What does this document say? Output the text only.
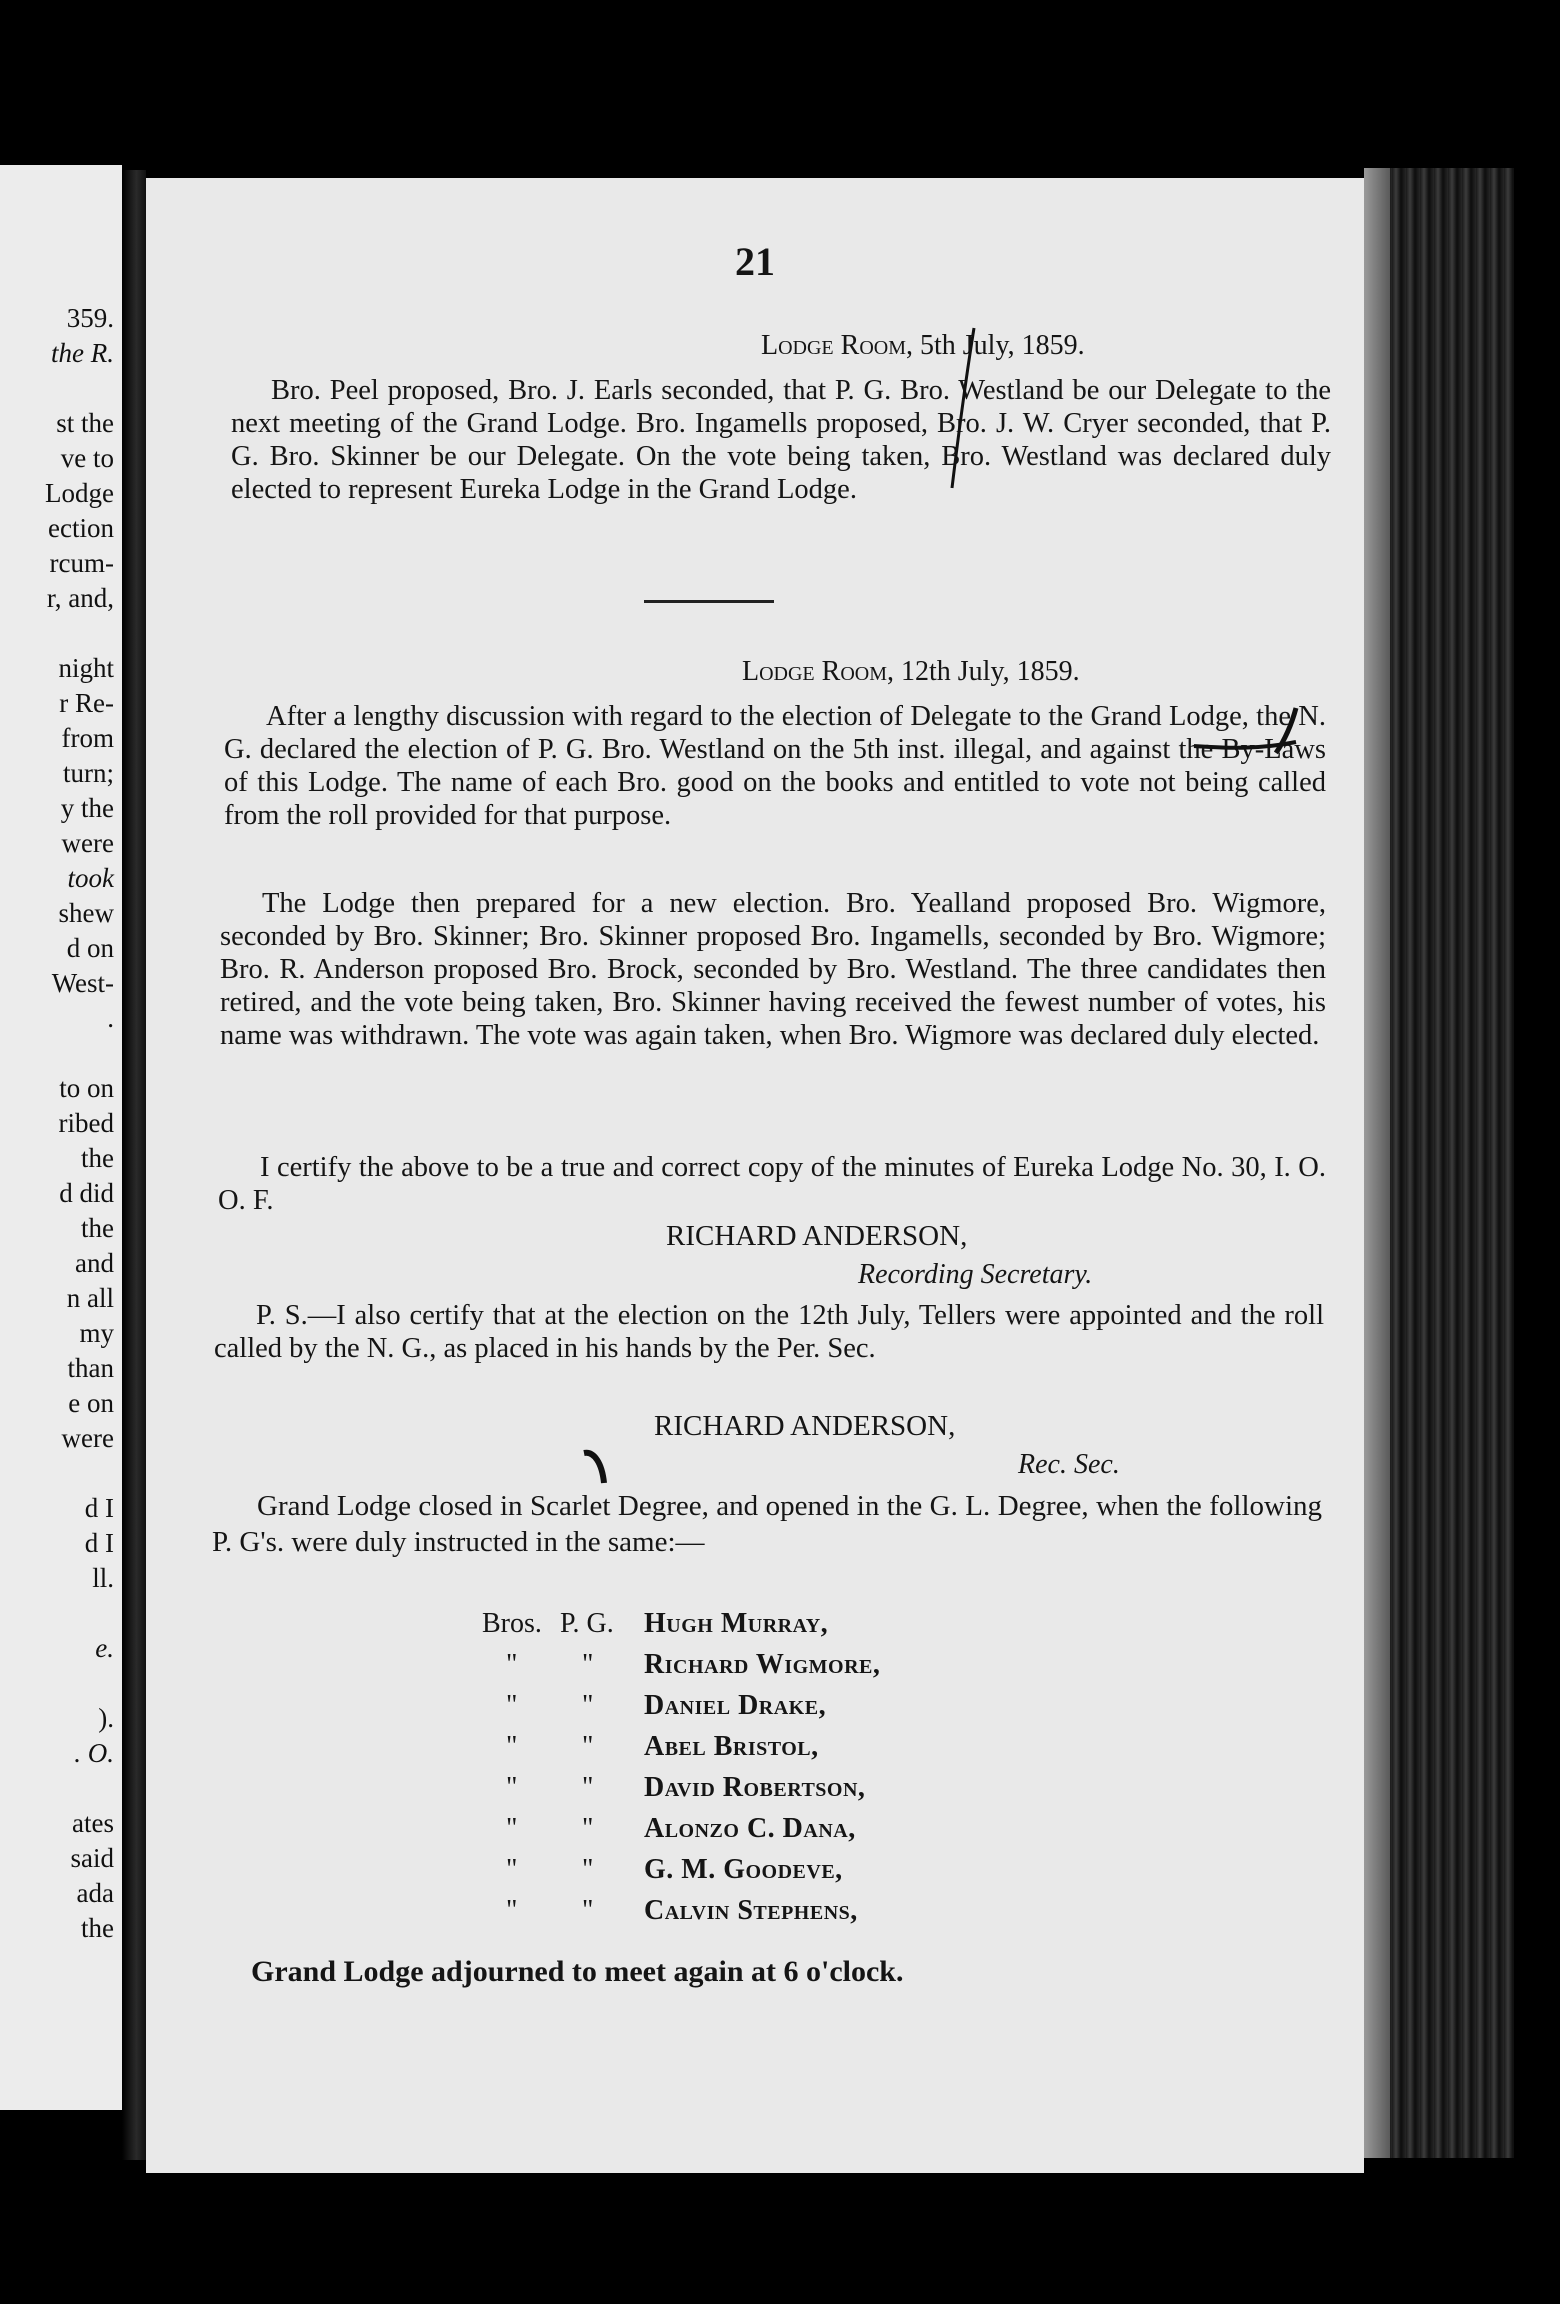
359.
the R.
st the
ve to
Lodge
ection
rcum-
r, and,
night
r Re-
from
turn;
y the
were
took
shew
d on
West-
.
to on
ribed
the
d did
the
and
n all
my
than
e on
were
d I
d I
ll.
e.
).
. O.
ates
said
ada
the
21
Lodge Room, 5th July, 1859.
Bro. Peel proposed, Bro. J. Earls seconded, that P. G. Bro. Westland be our Delegate to the next meeting of the Grand Lodge. Bro. Ingamells proposed, Bro. J. W. Cryer seconded, that P. G. Bro. Skinner be our Delegate. On the vote being taken, Bro. Westland was declared duly elected to represent Eureka Lodge in the Grand Lodge.
Lodge Room, 12th July, 1859.
After a lengthy discussion with regard to the election of Delegate to the Grand Lodge, the N. G. declared the election of P. G. Bro. Westland on the 5th inst. illegal, and against the By-Laws of this Lodge. The name of each Bro. good on the books and entitled to vote not being called from the roll provided for that purpose.
The Lodge then prepared for a new election. Bro. Yealland proposed Bro. Wigmore, seconded by Bro. Skinner; Bro. Skinner proposed Bro. Ingamells, seconded by Bro. Wigmore; Bro. R. Anderson proposed Bro. Brock, seconded by Bro. Westland. The three candidates then retired, and the vote being taken, Bro. Skinner having received the fewest number of votes, his name was withdrawn. The vote was again taken, when Bro. Wigmore was declared duly elected.
I certify the above to be a true and correct copy of the minutes of Eureka Lodge No. 30, I. O. O. F.
RICHARD ANDERSON,
Recording Secretary.
P. S.—I also certify that at the election on the 12th July, Tellers were appointed and the roll called by the N. G., as placed in his hands by the Per. Sec.
RICHARD ANDERSON,
Rec. Sec.
Grand Lodge closed in Scarlet Degree, and opened in the G. L. Degree, when the following P. G's. were duly instructed in the same:—
Bros. P. G. Hugh Murray,
" " Richard Wigmore,
" " Daniel Drake,
" " Abel Bristol,
" " David Robertson,
" " Alonzo C. Dana,
" " G. M. Goodeve,
" " Calvin Stephens,
Grand Lodge adjourned to meet again at 6 o'clock.
